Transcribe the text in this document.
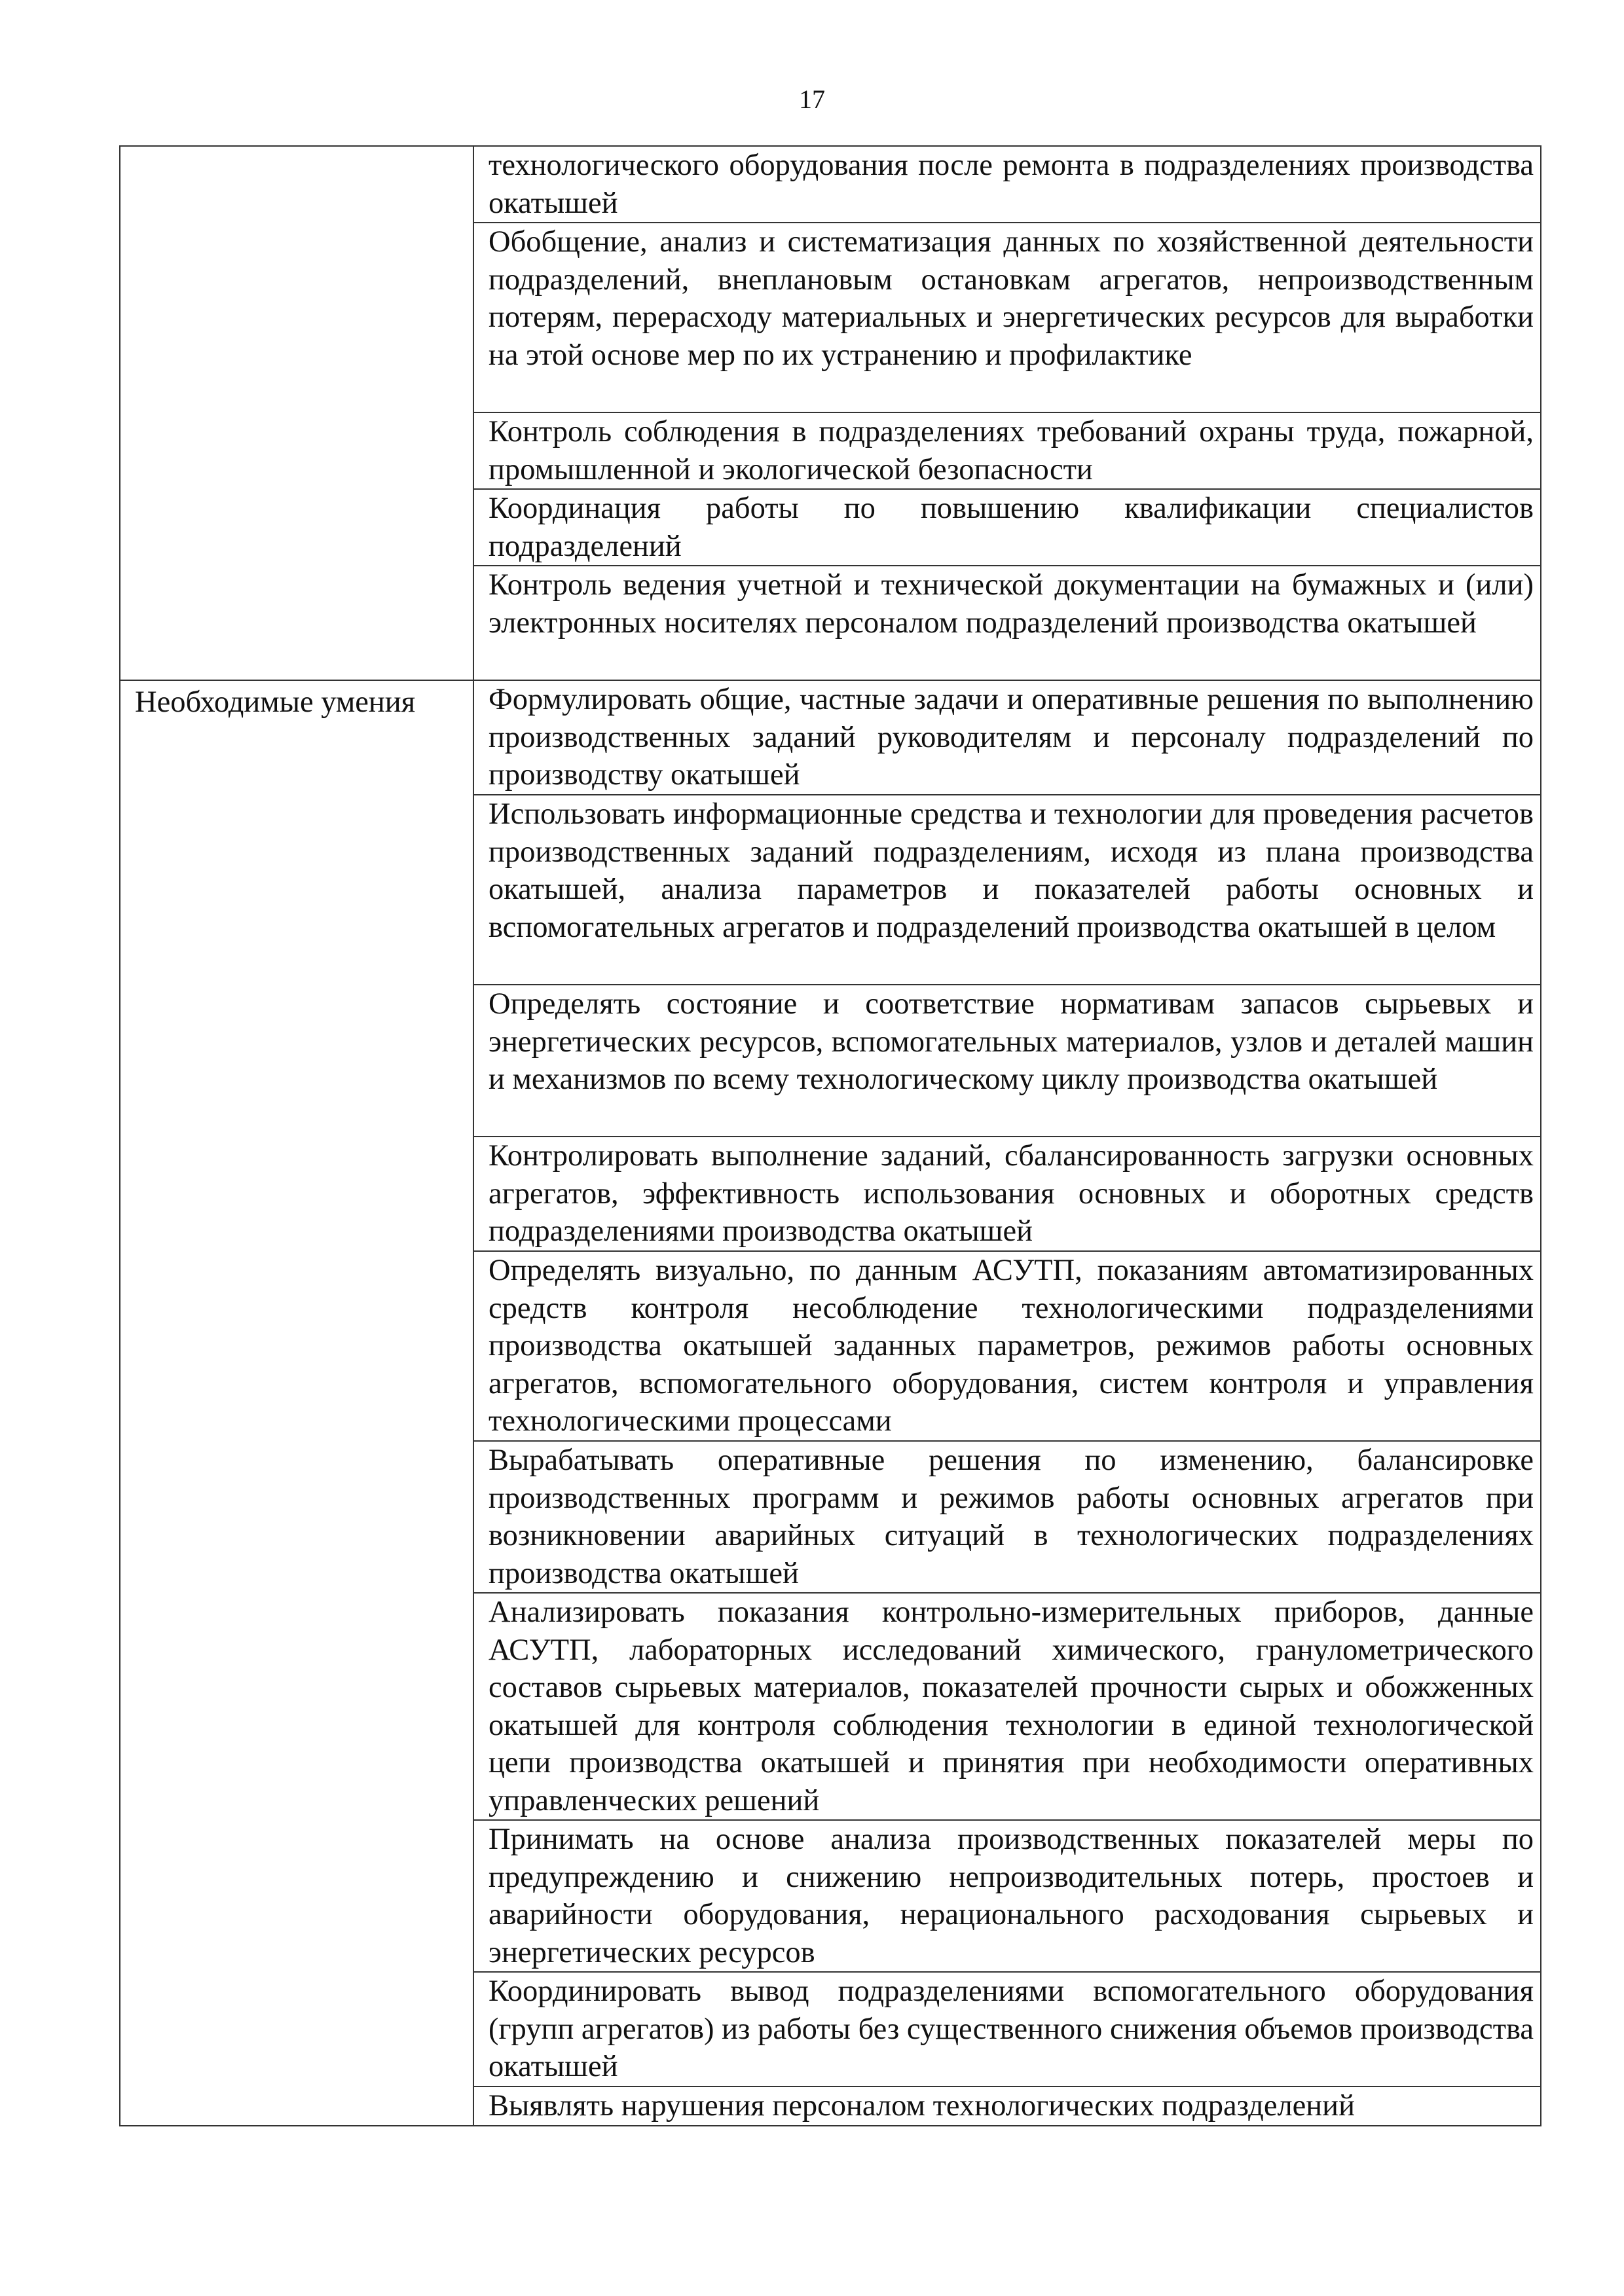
17
	технологического оборудования после ремонта в подразделениях производства окатышей
	Обобщение, анализ и систематизация данных по хозяйственной деятельности подразделений, внеплановым остановкам агрегатов, непроизводственным потерям, перерасходу материальных и энергетических ресурсов для выработки на этой основе мер по их устранению и профилактике
	Контроль соблюдения в подразделениях требований охраны труда, пожарной, промышленной и экологической безопасности
	Координация работы по повышению квалификации специалистов подразделений
	Контроль ведения учетной и технической документации на бумажных и (или) электронных носителях персоналом подразделений производства окатышей
Необходимые умения	Формулировать общие, частные задачи и оперативные решения по выполнению производственных заданий руководителям и персоналу подразделений по производству окатышей
	Использовать информационные средства и технологии для проведения расчетов производственных заданий подразделениям, исходя из плана производства окатышей, анализа параметров и показателей работы основных и вспомогательных агрегатов и подразделений производства окатышей в целом
	Определять состояние и соответствие нормативам запасов сырьевых и энергетических ресурсов, вспомогательных материалов, узлов и деталей машин и механизмов по всему технологическому циклу производства окатышей
	Контролировать выполнение заданий, сбалансированность загрузки основных агрегатов, эффективность использования основных и оборотных средств подразделениями производства окатышей
	Определять визуально, по данным АСУТП, показаниям автоматизированных средств контроля несоблюдение технологическими подразделениями производства окатышей заданных параметров, режимов работы основных агрегатов, вспомогательного оборудования, систем контроля и управления технологическими процессами
	Вырабатывать оперативные решения по изменению, балансировке производственных программ и режимов работы основных агрегатов при возникновении аварийных ситуаций в технологических подразделениях производства окатышей
	Анализировать показания контрольно-измерительных приборов, данные АСУТП, лабораторных исследований химического, гранулометрического составов сырьевых материалов, показателей прочности сырых и обожженных окатышей для контроля соблюдения технологии в единой технологической цепи производства окатышей и принятия при необходимости оперативных управленческих решений
	Принимать на основе анализа производственных показателей меры по предупреждению и снижению непроизводительных потерь, простоев и аварийности оборудования, нерационального расходования сырьевых и энергетических ресурсов
	Координировать вывод подразделениями вспомогательного оборудования (групп агрегатов) из работы без существенного снижения объемов производства окатышей
	Выявлять нарушения персоналом технологических подразделений
